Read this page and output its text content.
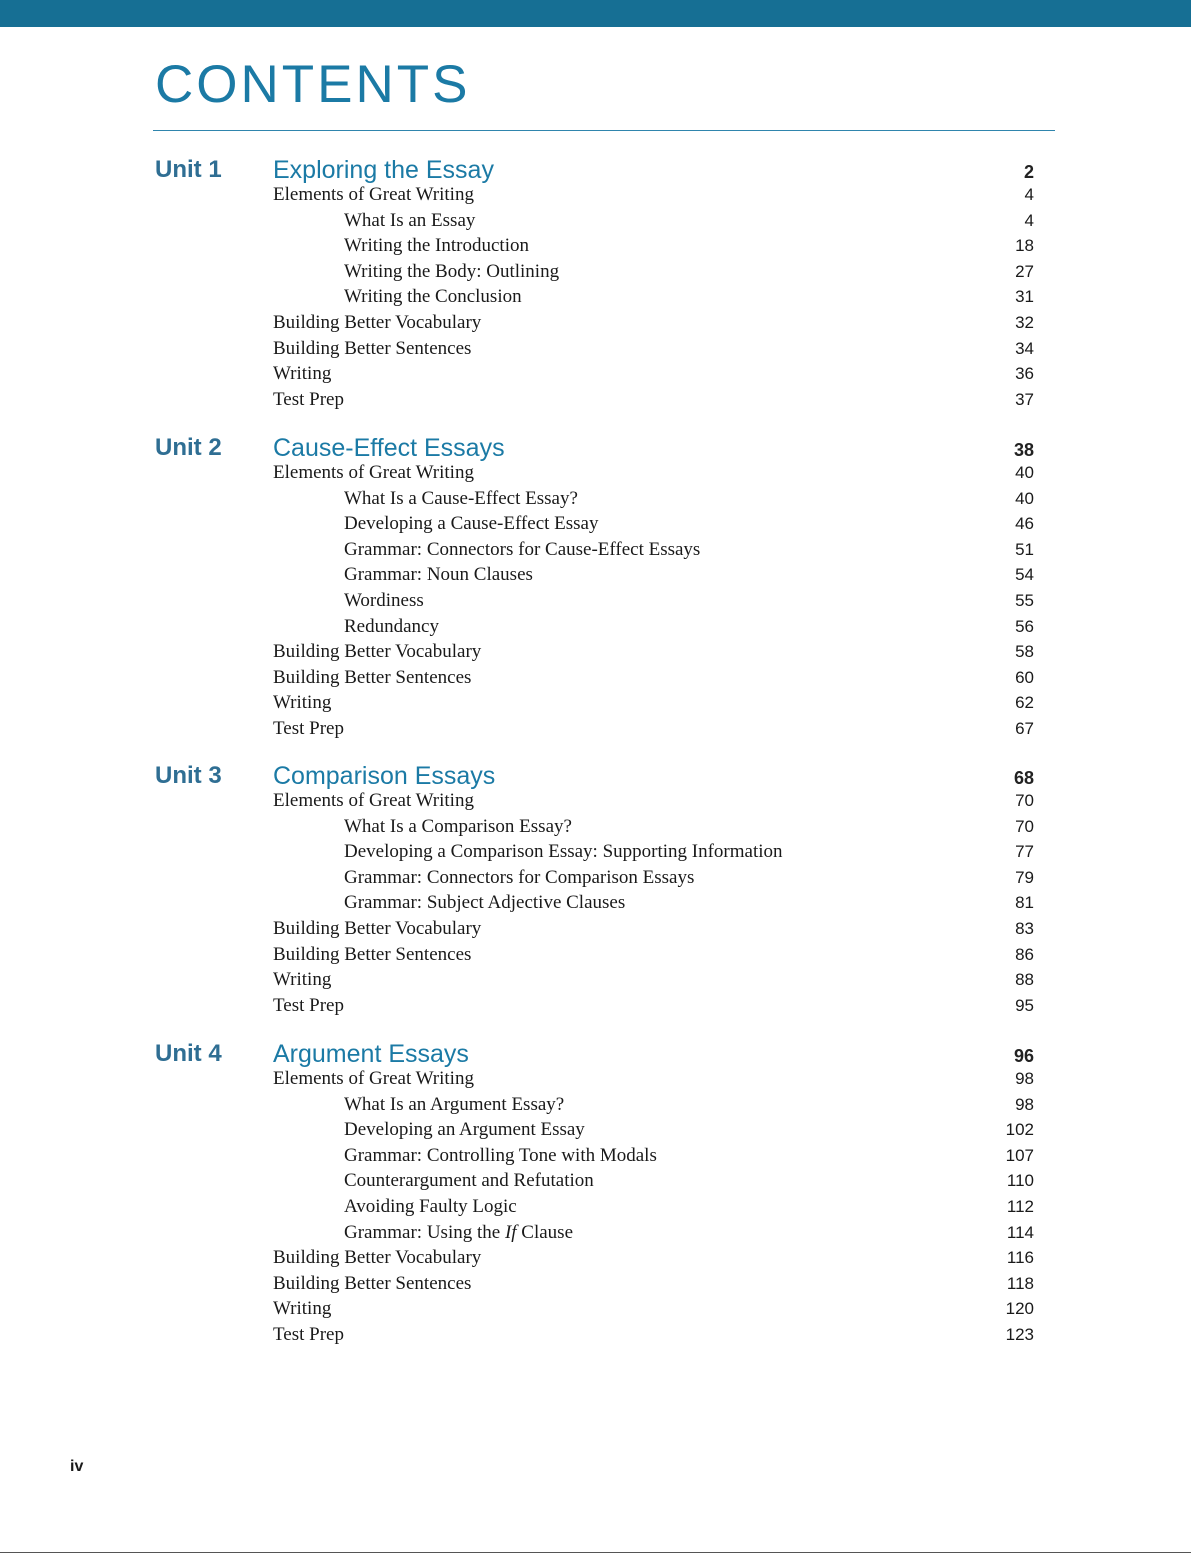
CONTENTS
Unit 1 Exploring the Essay	2
Elements of Great Writing	4
What Is an Essay	4
Writing the Introduction	18
Writing the Body: Outlining	27
Writing the Conclusion	31
Building Better Vocabulary	32
Building Better Sentences	34
Writing	36
Test Prep	37
Unit 2 Cause-Effect Essays	38
Elements of Great Writing	40
What Is a Cause-Effect Essay?	40
Developing a Cause-Effect Essay	46
Grammar: Connectors for Cause-Effect Essays	51
Grammar: Noun Clauses	54
Wordiness	55
Redundancy	56
Building Better Vocabulary	58
Building Better Sentences	60
Writing	62
Test Prep	67
Unit 3 Comparison Essays	68
Elements of Great Writing	70
What Is a Comparison Essay?	70
Developing a Comparison Essay: Supporting Information	77
Grammar: Connectors for Comparison Essays	79
Grammar: Subject Adjective Clauses	81
Building Better Vocabulary	83
Building Better Sentences	86
Writing	88
Test Prep	95
Unit 4 Argument Essays	96
Elements of Great Writing	98
What Is an Argument Essay?	98
Developing an Argument Essay	102
Grammar: Controlling Tone with Modals	107
Counterargument and Refutation	110
Avoiding Faulty Logic	112
Grammar: Using the If Clause	114
Building Better Vocabulary	116
Building Better Sentences	118
Writing	120
Test Prep	123
iv
